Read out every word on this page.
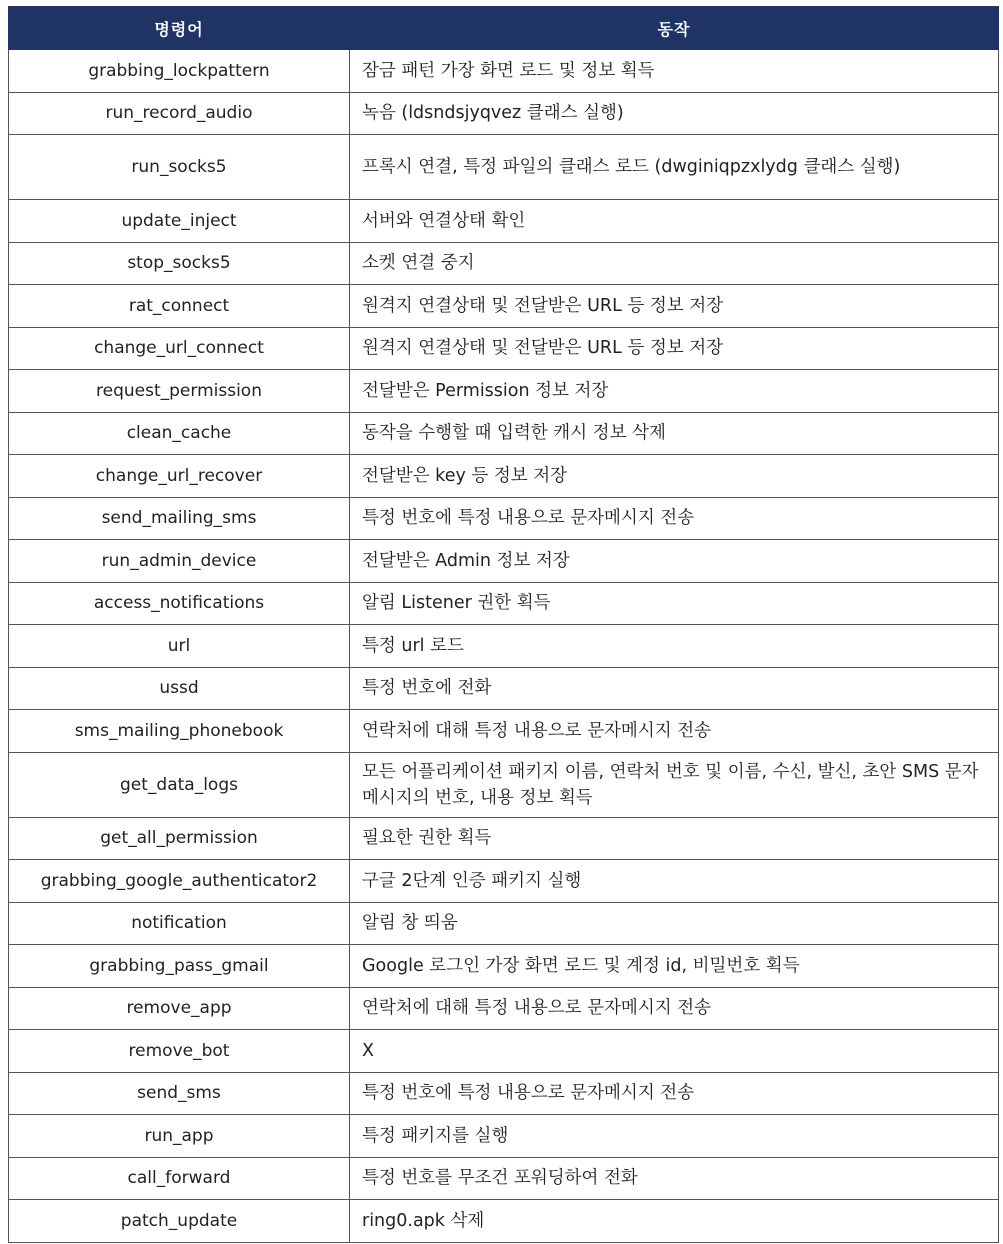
명령어	동작
grabbing_lockpattern	잠금 패턴 가장 화면 로드 및 정보 획득
run_record_audio	녹음 (ldsndsjyqvez 클래스 실행)
run_socks5	프록시 연결, 특정 파일의 클래스 로드 (dwginiqpzxlydg 클래스 실행)
update_inject	서버와 연결상태 확인
stop_socks5	소켓 연결 중지
rat_connect	원격지 연결상태 및 전달받은 URL 등 정보 저장
change_url_connect	원격지 연결상태 및 전달받은 URL 등 정보 저장
request_permission	전달받은 Permission 정보 저장
clean_cache	동작을 수행할 때 입력한 캐시 정보 삭제
change_url_recover	전달받은 key 등 정보 저장
send_mailing_sms	특정 번호에 특정 내용으로 문자메시지 전송
run_admin_device	전달받은 Admin 정보 저장
access_notifications	알림 Listener 권한 획득
url	특정 url 로드
ussd	특정 번호에 전화
sms_mailing_phonebook	연락처에 대해 특정 내용으로 문자메시지 전송
get_data_logs	모든 어플리케이션 패키지 이름, 연락처 번호 및 이름, 수신, 발신, 초안 SMS 문자메시지의 번호, 내용 정보 획득
get_all_permission	필요한 권한 획득
grabbing_google_authenticator2	구글 2단계 인증 패키지 실행
notification	알림 창 띄움
grabbing_pass_gmail	Google 로그인 가장 화면 로드 및 계정 id, 비밀번호 획득
remove_app	연락처에 대해 특정 내용으로 문자메시지 전송
remove_bot	X
send_sms	특정 번호에 특정 내용으로 문자메시지 전송
run_app	특정 패키지를 실행
call_forward	특정 번호를 무조건 포워딩하여 전화
patch_update	ring0.apk 삭제
